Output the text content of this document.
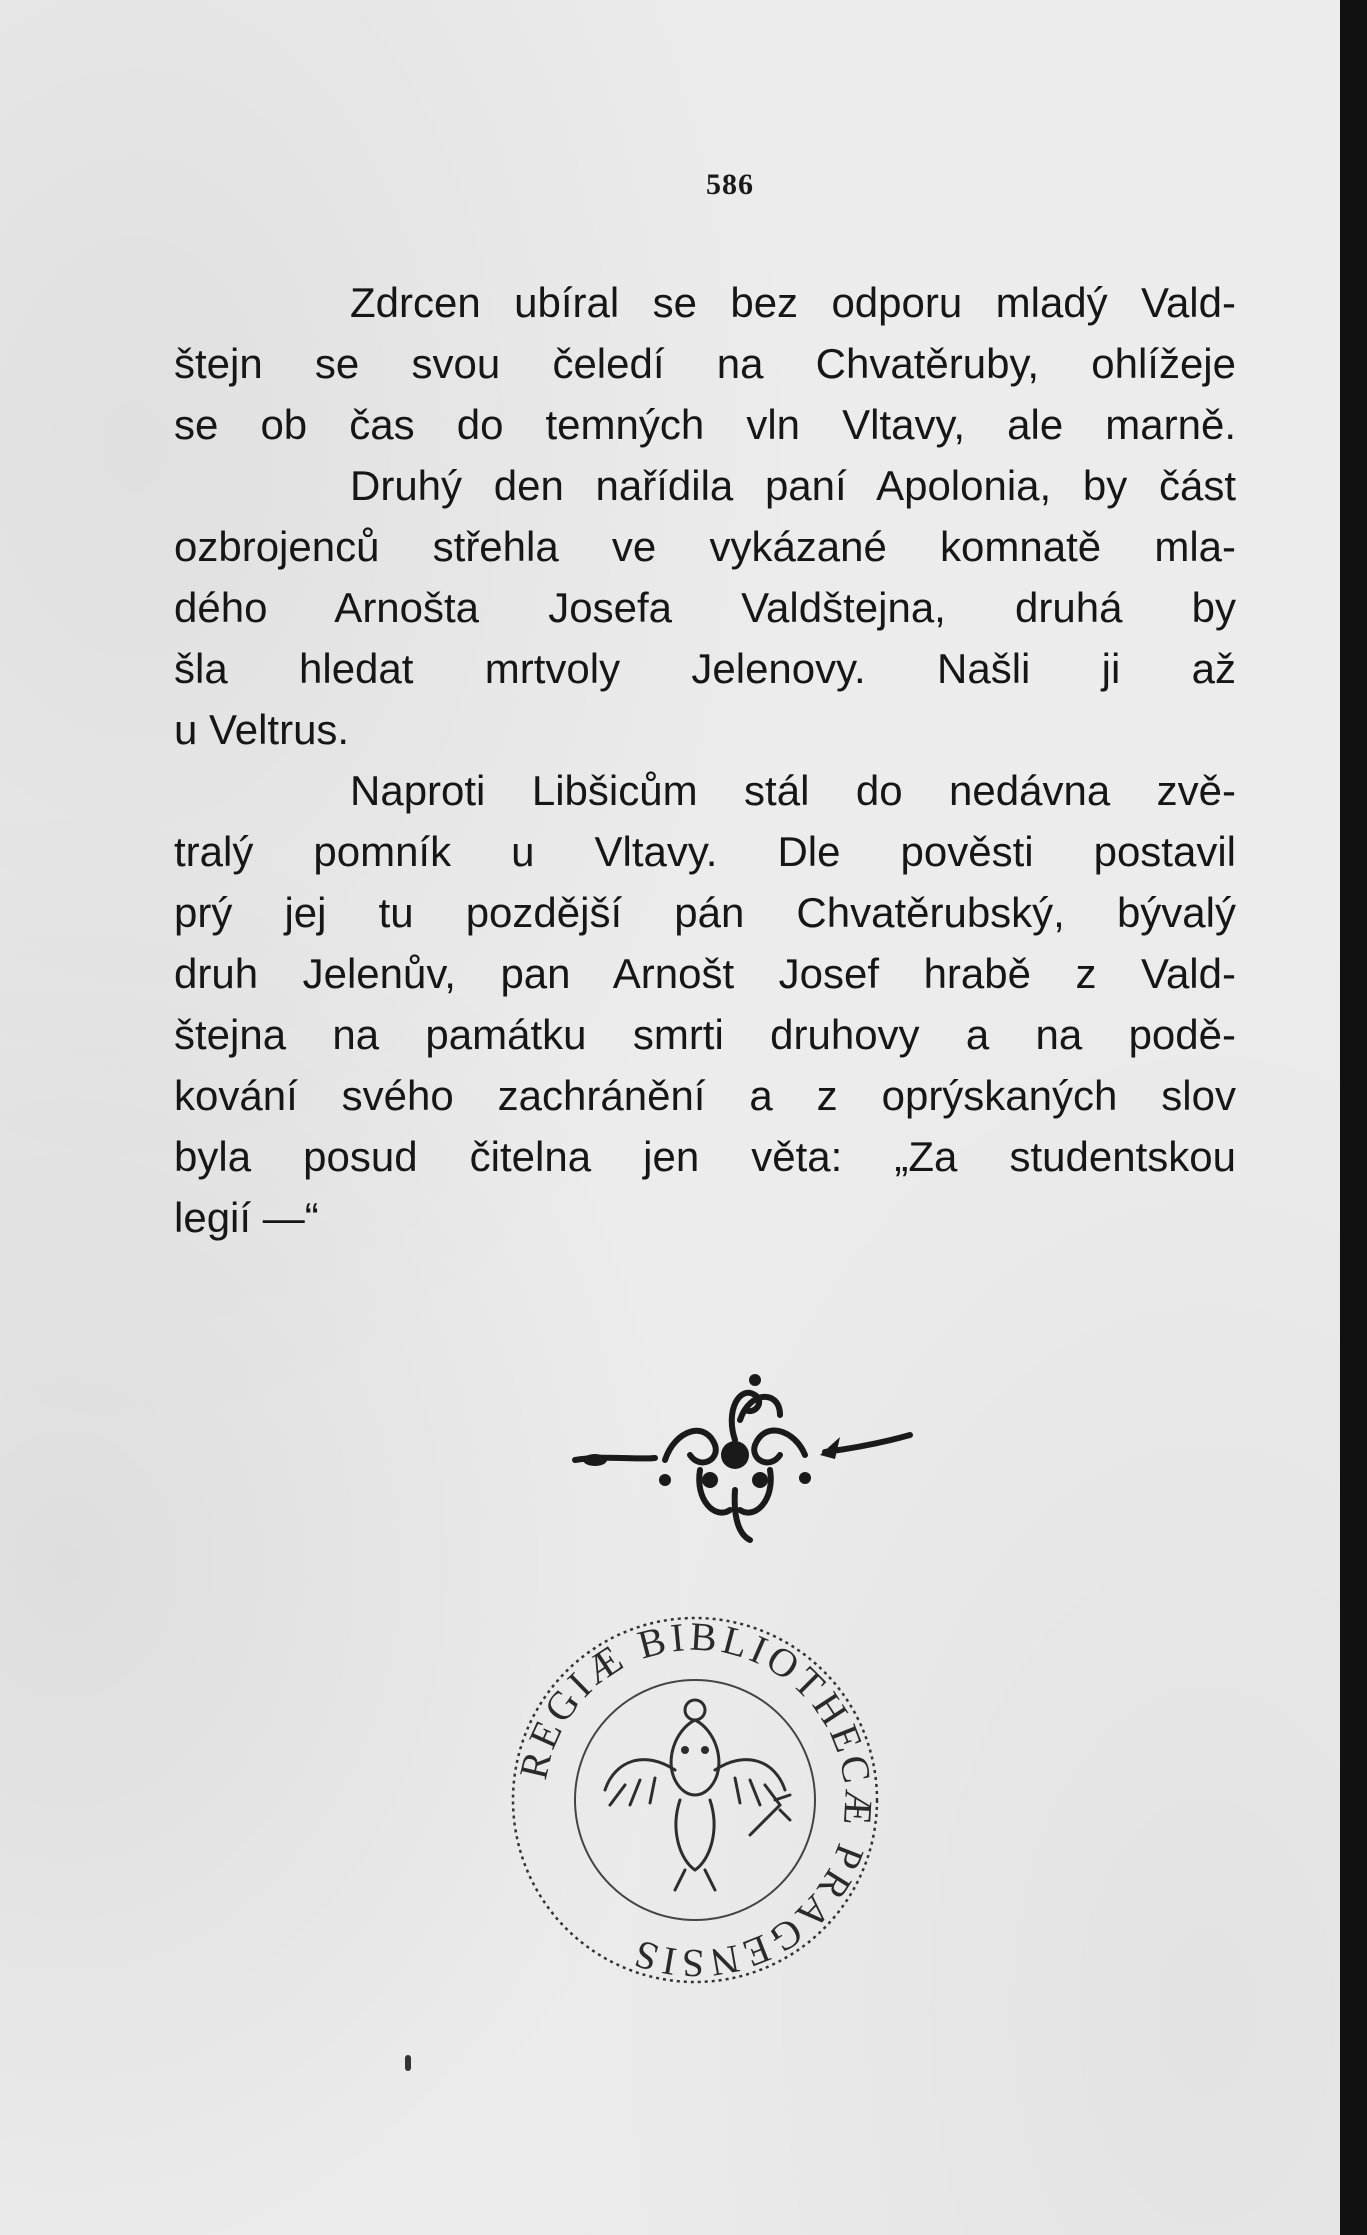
586
Zdrcen ubíral se bez odporu mladý Vald-
štejn se svou čeledí na Chvatěruby, ohlížeje
se ob čas do temných vln Vltavy, ale marně.
Druhý den nařídila paní Apolonia, by část
ozbrojenců střehla ve vykázané komnatě mla-
dého Arnošta Josefa Valdštejna, druhá by
šla hledat mrtvoly Jelenovy. Našli ji až
u Veltrus.
Naproti Libšicům stál do nedávna zvě-
tralý pomník u Vltavy. Dle pověsti postavil
prý jej tu pozdější pán Chvatěrubský, bývalý
druh Jelenův, pan Arnošt Josef hrabě z Vald-
štejna na památku smrti druhovy a na podě-
kování svého zachránění a z oprýskaných slov
byla posud čitelna jen věta: „Za studentskou
legií —“
REGIÆ BIBLIOTHECÆ PRAGENSIS
